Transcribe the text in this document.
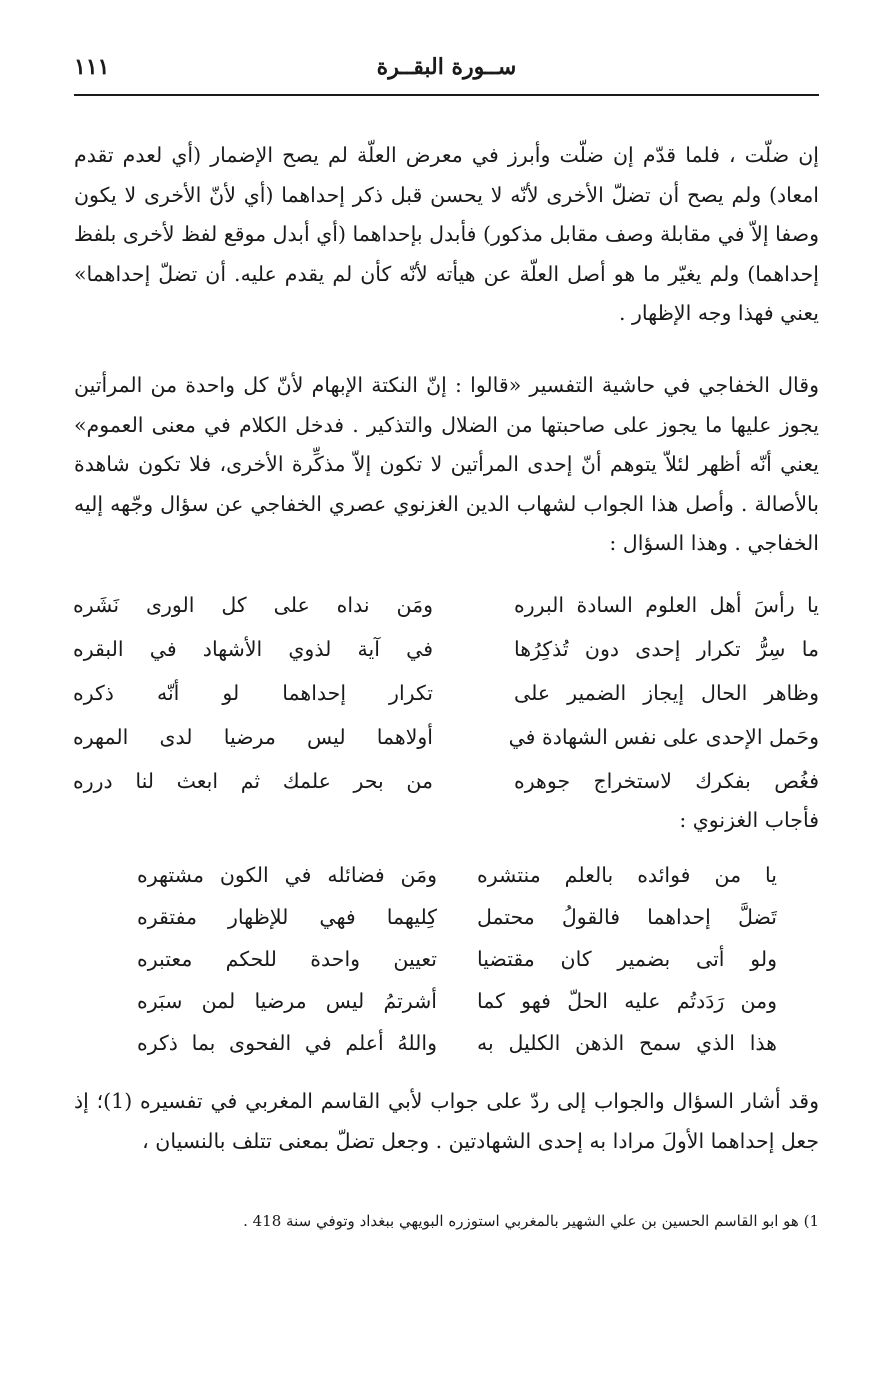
ســورة البقــرة
١١١

إن ضلّت ، فلما قدّم إن ضلّت وأبرز في معرض العلّة لم يصح الإضمار (أي لعدم تقدم امعاد) ولم يصح أن تضلّ الأخرى لأنّه لا يحسن قبل ذكر إحداهما (أي لأنّ الأخرى لا يكون وصفا إلاّ في مقابلة وصف مقابل مذكور) فأبدل بإحداهما (أي أبدل موقع لفظ لأخرى بلفظ إحداهما) ولم يغيّر ما هو أصل العلّة عن هيأته لأنّه كأن لم يقدم عليه. أن تضلّ إحداهما» يعني فهذا وجه الإظهار .

وقال الخفاجي في حاشية التفسير «قالوا : إنّ النكتة الإبهام لأنّ كل واحدة من المرأتين يجوز عليها ما يجوز على صاحبتها من الضلال والتذكير . فدخل الكلام في معنى العموم» يعني أنّه أظهر لئلاّ يتوهم أنّ إحدى المرأتين لا تكون إلاّ مذكِّرة الأخرى، فلا تكون شاهدة بالأصالة . وأصل هذا الجواب لشهاب الدين الغزنوي عصري الخفاجي عن سؤال وجّهه إليه الخفاجي . وهذا السؤال :

يا رأسَ أهل العلوم السادة البرره
ومَن نداه على كل الورى نَشَره
ما سِرُّ تكرار إحدى دون تُذكِرُها
في آية لذوي الأشهاد في البقره
وظاهر الحال إيجاز الضمير على
تكرار إحداهما لو أنّه ذكره
وحَمل الإحدى على نفس الشهادة في
أولاهما ليس مرضيا لدى المهره
فغُص بفكرك لاستخراج جوهره
من بحر علمك ثم ابعث لنا درره
فأجاب الغزنوي :
يا من فوائده بالعلم منتشره
ومَن فضائله في الكون مشتهره
تَضلَّ إحداهما فالقولُ محتمل
كِليهما فهي للإظهار مفتقره
ولو أتى بضمير كان مقتضيا
تعيين واحدة للحكم معتبره
ومن رَدَدتُم عليه الحلّ فهو كما
أشرتمُ ليس مرضيا لمن سبَره
هذا الذي سمح الذهن الكليل به
واللهُ أعلم في الفحوى بما ذكره

وقد أشار السؤال والجواب إلى ردّ على جواب لأبي القاسم المغربي في تفسيره (1)؛ إذ جعل إحداهما الأولَ مرادا به إحدى الشهادتين . وجعل تضلّ بمعنى تتلف بالنسيان ،

1) هو ابو القاسم الحسين بن علي الشهير بالمغربي استوزره البويهي ببغداد وتوفي سنة 418 .
